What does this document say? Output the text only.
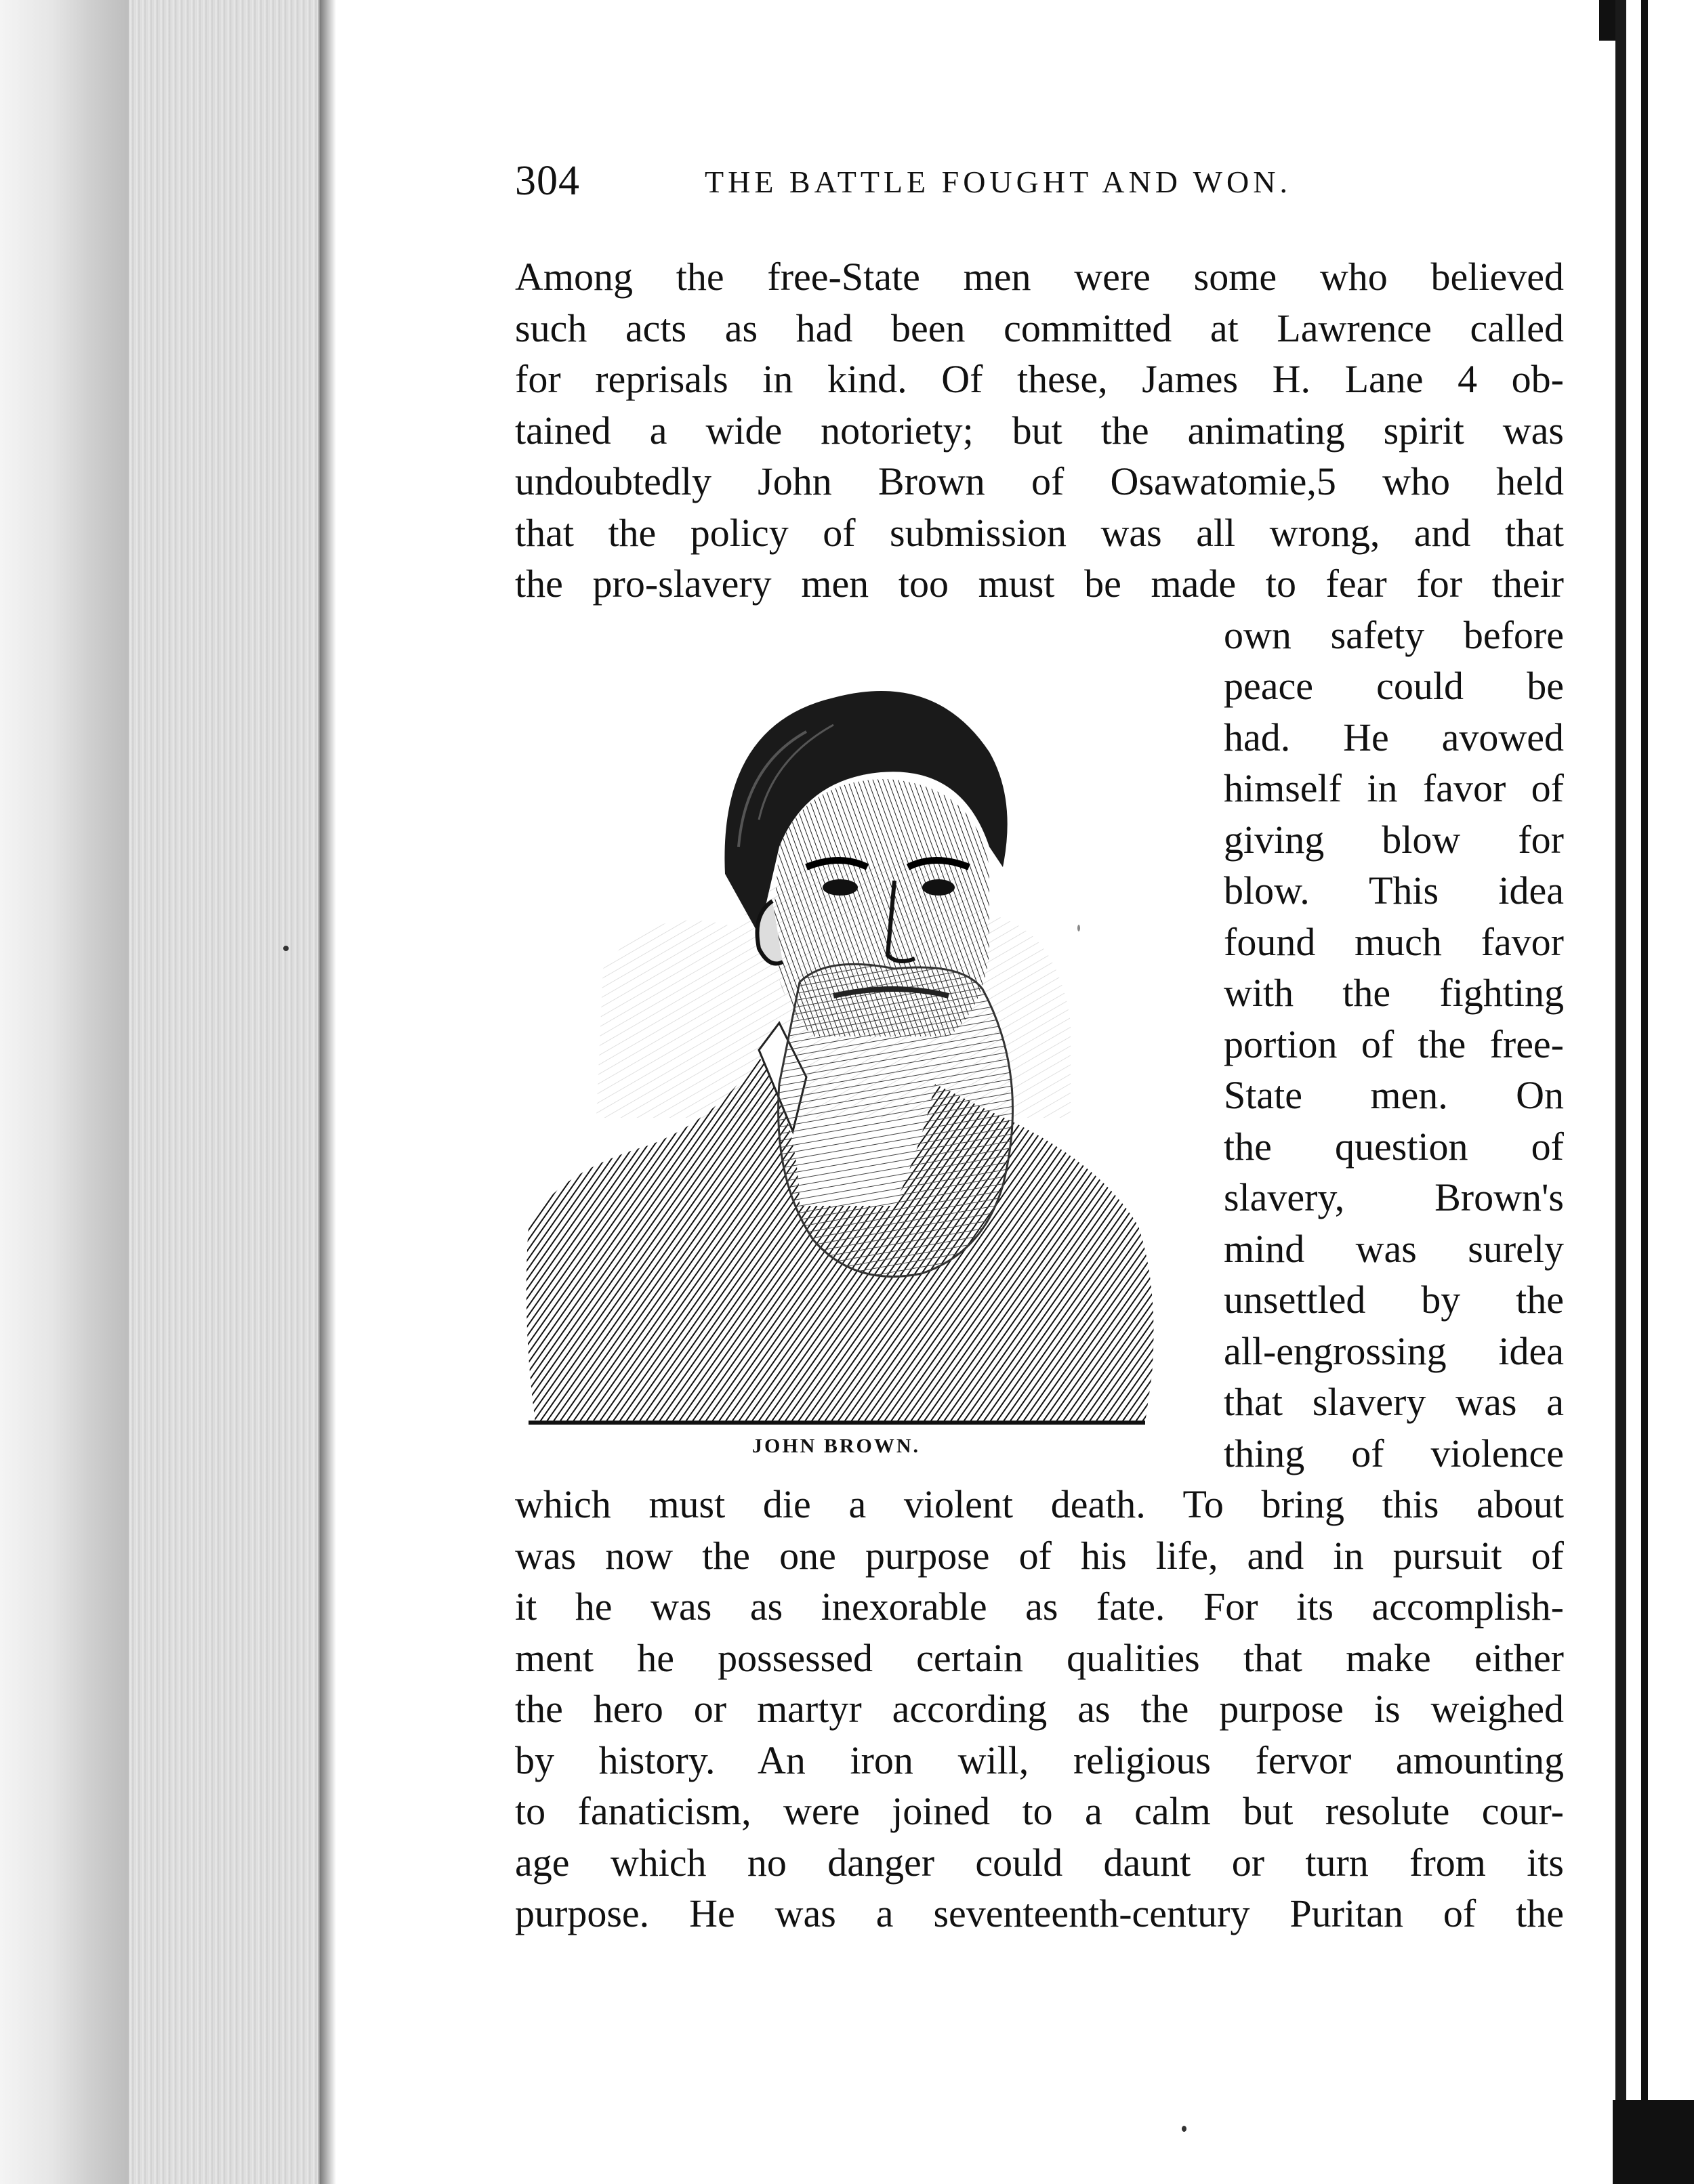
304	THE BATTLE FOUGHT AND WON.
Among the free-State men were some who believed
such acts as had been committed at Lawrence called
for reprisals in kind. Of these, James H. Lane 4 ob-
tained a wide notoriety; but the animating spirit was
undoubtedly John Brown of Osawatomie,5 who held
that the policy of submission was all wrong, and that
the pro-slavery men too must be made to fear for their
own safety before
peace could be
had. He avowed
himself in favor of
giving blow for
blow. This idea
found much favor
with the fighting
portion of the free-
State men. On
the question of
slavery, Brown's
mind was surely
unsettled by the
all-engrossing idea
that slavery was a
thing of violence
which must die a violent death. To bring this about
was now the one purpose of his life, and in pursuit of
it he was as inexorable as fate. For its accomplish-
ment he possessed certain qualities that make either
the hero or martyr according as the purpose is weighed
by history. An iron will, religious fervor amounting
to fanaticism, were joined to a calm but resolute cour-
age which no danger could daunt or turn from its
purpose. He was a seventeenth-century Puritan of the
JOHN BROWN.
